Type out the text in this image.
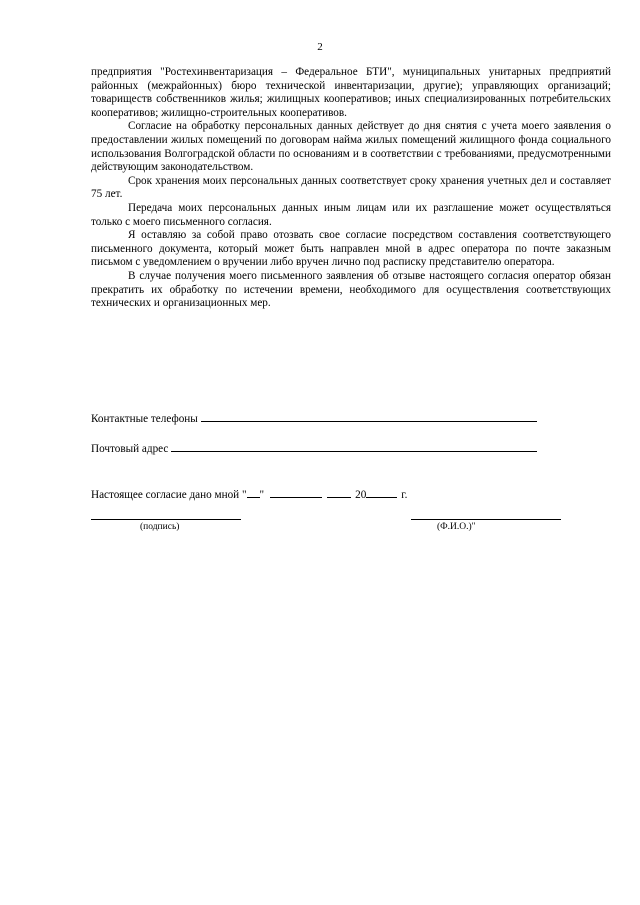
2

предприятия "Ростехинвентаризация – Федеральное БТИ", муниципальных унитарных предприятий районных (межрайонных) бюро технической инвентаризации, другие); управляющих организаций; товариществ собственников жилья; жилищных кооперативов; иных специализированных потребительских кооперативов; жилищно-строительных кооперативов.

Согласие на обработку персональных данных действует до дня снятия с учета моего заявления о предоставлении жилых помещений по договорам найма жилых помещений жилищного фонда социального использования Волгоградской области по основаниям и в соответствии с требованиями, предусмотренными действующим законодательством.

Срок хранения моих персональных данных соответствует сроку хранения учетных дел и составляет 75 лет.

Передача моих персональных данных иным лицам или их разглашение может осуществляться только с моего письменного согласия.

Я оставляю за собой право отозвать свое согласие посредством составления соответствующего письменного документа, который может быть направлен мной в адрес оператора по почте заказным письмом с уведомлением о вручении либо вручен лично под расписку представителю оператора.

В случае получения моего письменного заявления об отзыве настоящего согласия оператор обязан прекратить их обработку по истечении времени, необходимого для осуществления соответствующих технических и организационных мер.

Контактные телефоны
Почтовый адрес
Настоящее согласие дано мной " "	20	г.
(подпись)	(Ф.И.О.)"
